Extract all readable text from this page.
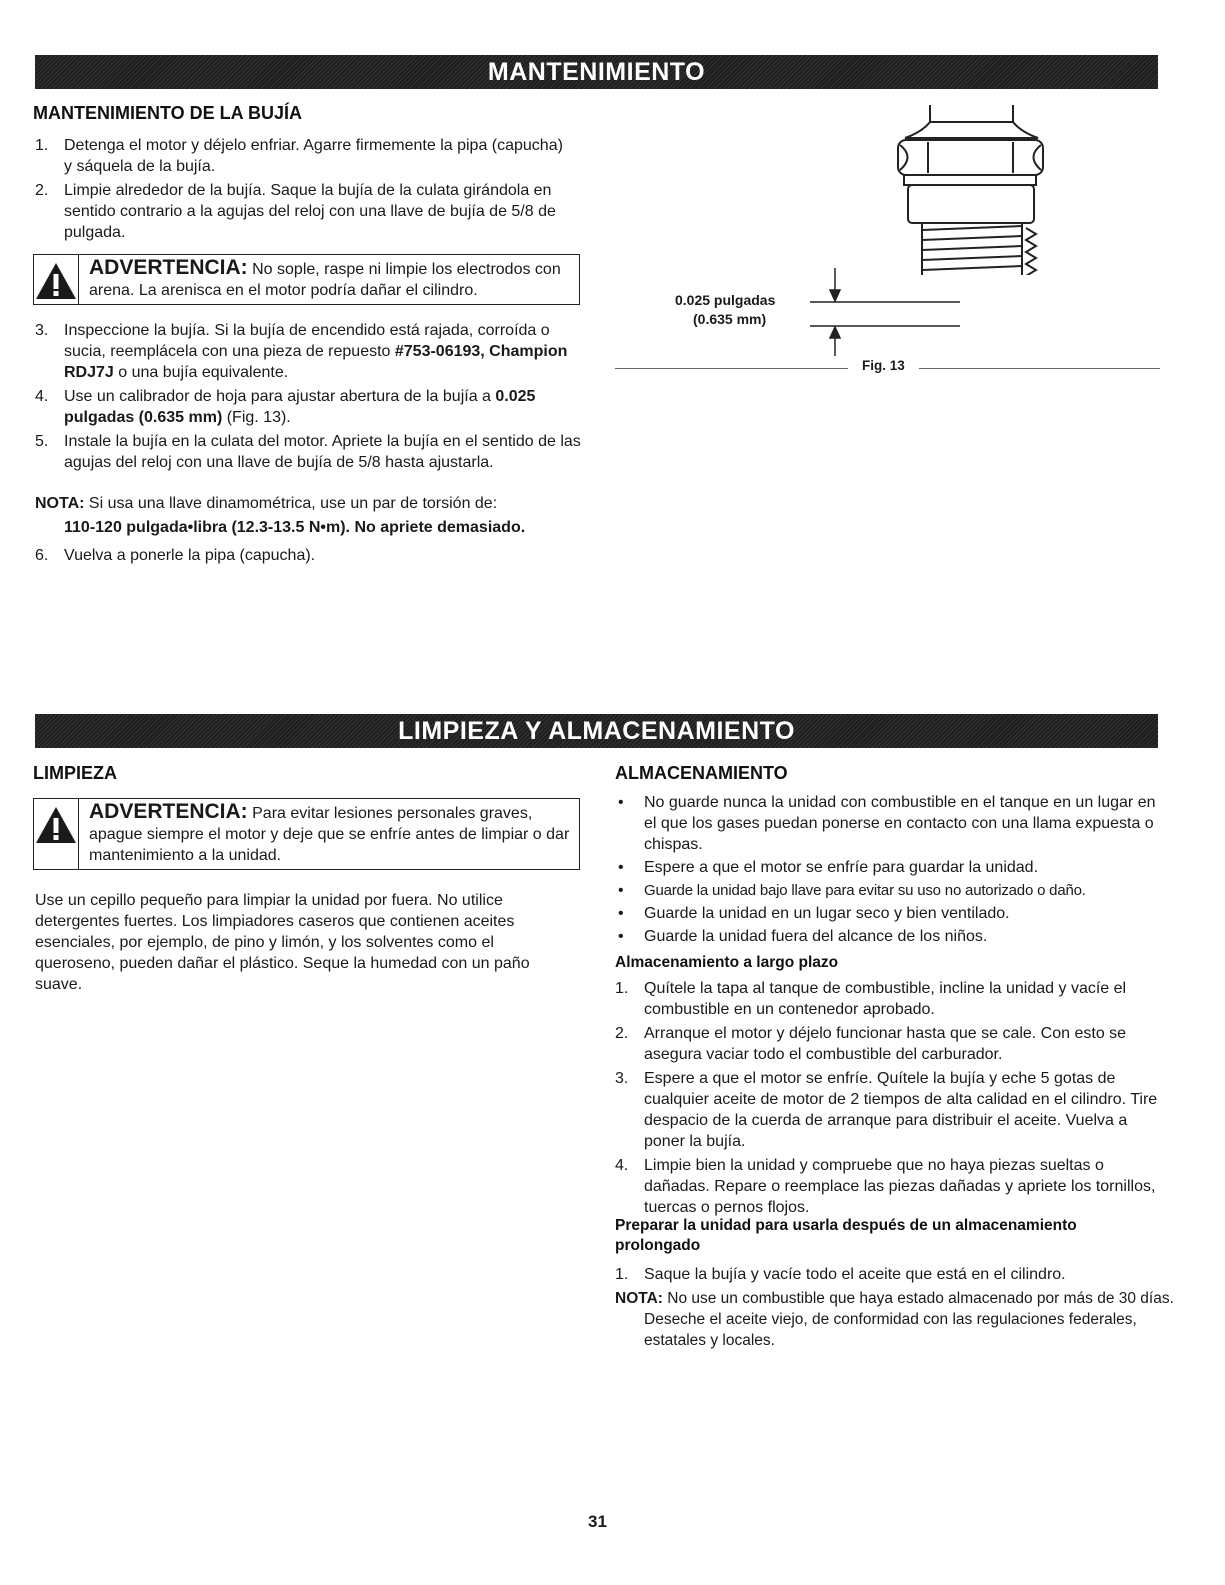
MANTENIMIENTO
MANTENIMIENTO DE LA BUJÍA
1. Detenga el motor y déjelo enfriar. Agarre firmemente la pipa (capucha) y sáquela de la bujía.
2. Limpie alrededor de la bujía. Saque la bujía de la culata girándola en sentido contrario a la agujas del reloj con una llave de bujía de 5/8 de pulgada.
ADVERTENCIA: No sople, raspe ni limpie los electrodos con arena. La arenisca en el motor podría dañar el cilindro.
3. Inspeccione la bujía. Si la bujía de encendido está rajada, corroída o sucia, reemplácela con una pieza de repuesto #753-06193, Champion RDJ7J o una bujía equivalente.
4. Use un calibrador de hoja para ajustar abertura de la bujía a 0.025 pulgadas (0.635 mm) (Fig. 13).
5. Instale la bujía en la culata del motor. Apriete la bujía en el sentido de las agujas del reloj con una llave de bujía de 5/8 hasta ajustarla.
NOTA: Si usa una llave dinamométrica, use un par de torsión de:
110-120 pulgada•libra (12.3-13.5 N•m). No apriete demasiado.
6. Vuelva a ponerle la pipa (capucha).
0.025 pulgadas
(0.635 mm)
Fig. 13
LIMPIEZA Y ALMACENAMIENTO
LIMPIEZA
ADVERTENCIA: Para evitar lesiones personales graves, apague siempre el motor y deje que se enfríe antes de limpiar o dar mantenimiento a la unidad.
Use un cepillo pequeño para limpiar la unidad por fuera. No utilice detergentes fuertes. Los limpiadores caseros que contienen aceites esenciales, por ejemplo, de pino y limón, y los solventes como el queroseno, pueden dañar el plástico. Seque la humedad con un paño suave.
ALMACENAMIENTO
• No guarde nunca la unidad con combustible en el tanque en un lugar en el que los gases puedan ponerse en contacto con una llama expuesta o chispas.
• Espere a que el motor se enfríe para guardar la unidad.
• Guarde la unidad bajo llave para evitar su uso no autorizado o daño.
• Guarde la unidad en un lugar seco y bien ventilado.
• Guarde la unidad fuera del alcance de los niños.
Almacenamiento a largo plazo
1. Quítele la tapa al tanque de combustible, incline la unidad y vacíe el combustible en un contenedor aprobado.
2. Arranque el motor y déjelo funcionar hasta que se cale. Con esto se asegura vaciar todo el combustible del carburador.
3. Espere a que el motor se enfríe. Quítele la bujía y eche 5 gotas de cualquier aceite de motor de 2 tiempos de alta calidad en el cilindro. Tire despacio de la cuerda de arranque para distribuir el aceite. Vuelva a poner la bujía.
4. Limpie bien la unidad y compruebe que no haya piezas sueltas o dañadas. Repare o reemplace las piezas dañadas y apriete los tornillos, tuercas o pernos flojos.
Preparar la unidad para usarla después de un almacenamiento prolongado
1. Saque la bujía y vacíe todo el aceite que está en el cilindro.
NOTA: No use un combustible que haya estado almacenado por más de 30 días. Deseche el aceite viejo, de conformidad con las regulaciones federales, estatales y locales.
31
